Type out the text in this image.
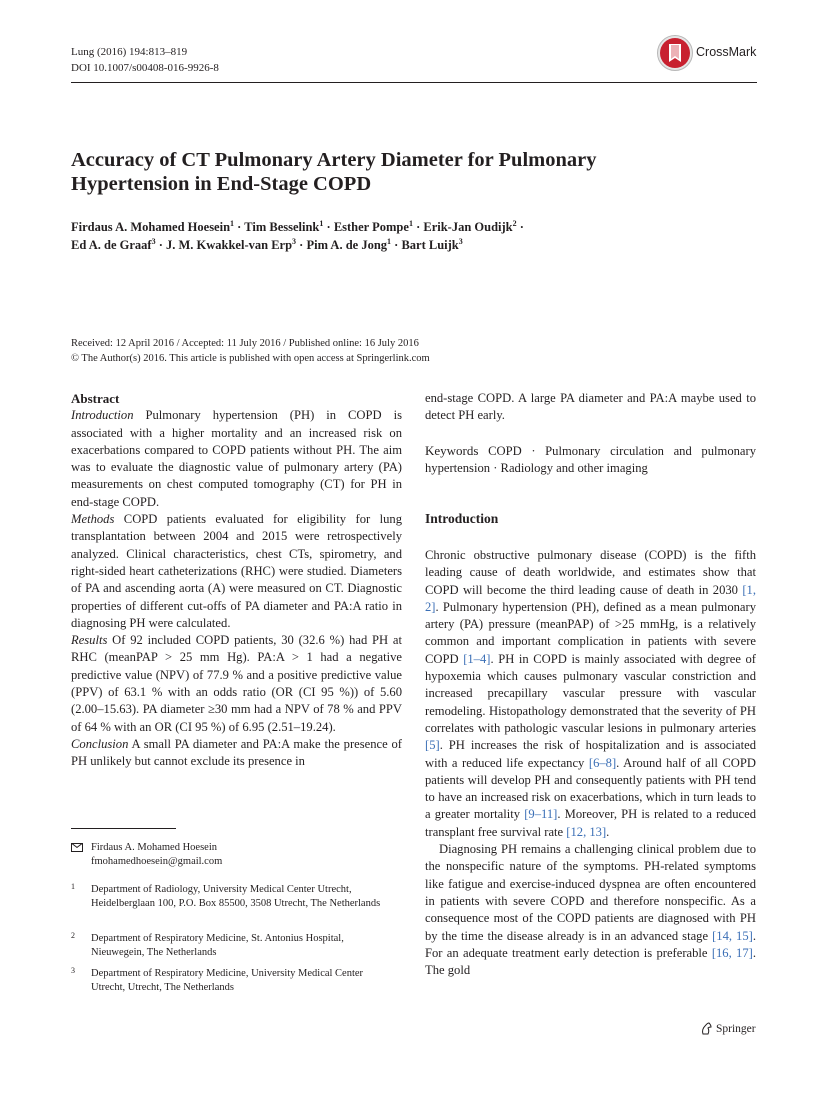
Lung (2016) 194:813–819
DOI 10.1007/s00408-016-9926-8
CrossMark
Accuracy of CT Pulmonary Artery Diameter for Pulmonary Hypertension in End-Stage COPD
Firdaus A. Mohamed Hoesein$^1$ · Tim Besselink$^1$ · Esther Pompe$^1$ · Erik-Jan Oudijk$^2$ ·
Ed A. de Graaf$^3$ · J. M. Kwakkel-van Erp$^3$ · Pim A. de Jong$^1$ · Bart Luijk$^3$
Received: 12 April 2016 / Accepted: 11 July 2016 / Published online: 16 July 2016
© The Author(s) 2016. This article is published with open access at Springerlink.com

Abstract

Introduction Pulmonary hypertension (PH) in COPD is associated with a higher mortality and an increased risk on exacerbations compared to COPD patients without PH. The aim was to evaluate the diagnostic value of pulmonary artery (PA) measurements on chest computed tomography (CT) for PH in end-stage COPD.

Methods COPD patients evaluated for eligibility for lung transplantation between 2004 and 2015 were retrospectively analyzed. Clinical characteristics, chest CTs, spirometry, and right-sided heart catheterizations (RHC) were studied. Diameters of PA and ascending aorta (A) were measured on CT. Diagnostic properties of different cut-offs of PA diameter and PA:A ratio in diagnosing PH were calculated.

Results Of 92 included COPD patients, 30 (32.6 %) had PH at RHC (meanPAP > 25 mm Hg). PA:A > 1 had a negative predictive value (NPV) of 77.9 % and a positive predictive value (PPV) of 63.1 % with an odds ratio (OR (CI 95 %)) of 5.60 (2.00–15.63). PA diameter ≥30 mm had a NPV of 78 % and PPV of 64 % with an OR (CI 95 %) of 6.95 (2.51–19.24).

Conclusion A small PA diameter and PA:A make the presence of PH unlikely but cannot exclude its presence in

end-stage COPD. A large PA diameter and PA:A maybe used to detect PH early.

Keywords COPD · Pulmonary circulation and pulmonary hypertension · Radiology and other imaging

Introduction

Chronic obstructive pulmonary disease (COPD) is the fifth leading cause of death worldwide, and estimates show that COPD will become the third leading cause of death in 2030 [1, 2]. Pulmonary hypertension (PH), defined as a mean pulmonary artery (PA) pressure (meanPAP) of >25 mmHg, is a relatively common and important complication in patients with severe COPD [1–4]. PH in COPD is mainly associated with degree of hypoxemia which causes pulmonary vascular constriction and increased precapillary vascular pressure with vascular remodeling. Histopathology demonstrated that the severity of PH correlates with pathologic vascular lesions in pulmonary arteries [5]. PH increases the risk of hospitalization and is associated with a reduced life expectancy [6–8]. Around half of all COPD patients will develop PH and consequently patients with PH tend to have an increased risk on exacerbations, which in turn leads to a greater mortality [9–11]. Moreover, PH is related to a reduced transplant free survival rate [12, 13].

Diagnosing PH remains a challenging clinical problem due to the nonspecific nature of the symptoms. PH-related symptoms like fatigue and exercise-induced dyspnea are often encountered in patients with severe COPD and therefore nonspecific. As a consequence most of the COPD patients are diagnosed with PH by the time the disease already is in an advanced stage [14, 15]. For an adequate treatment early detection is preferable [16, 17]. The gold

Firdaus A. Mohamed Hoesein
fmohamedhoesein@gmail.com
1 Department of Radiology, University Medical Center Utrecht, Heidelberglaan 100, P.O. Box 85500, 3508 Utrecht, The Netherlands
2 Department of Respiratory Medicine, St. Antonius Hospital, Nieuwegein, The Netherlands
3 Department of Respiratory Medicine, University Medical Center Utrecht, Utrecht, The Netherlands
Springer
